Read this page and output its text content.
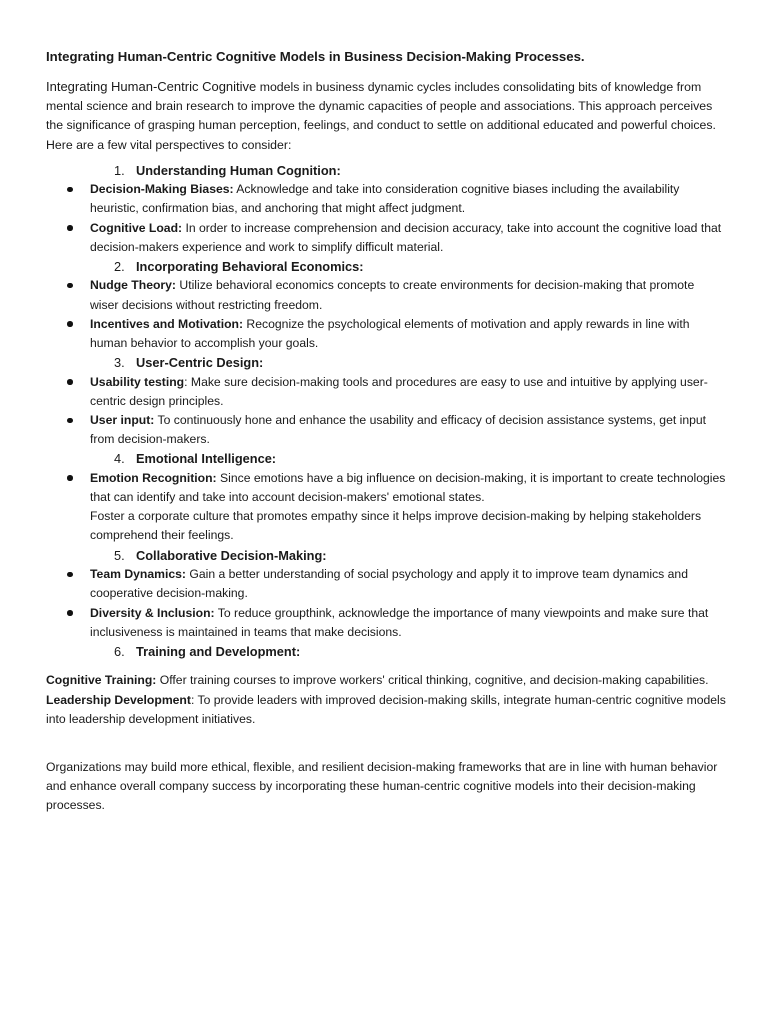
Integrating Human-Centric Cognitive Models in Business Decision-Making Processes.

Integrating Human-Centric Cognitive models in business dynamic cycles includes consolidating bits of knowledge from mental science and brain research to improve the dynamic capacities of people and associations. This approach perceives the significance of grasping human perception, feelings, and conduct to settle on additional educated and powerful choices. Here are a few vital perspectives to consider:

1. Understanding Human Cognition:
Decision-Making Biases: Acknowledge and take into consideration cognitive biases including the availability heuristic, confirmation bias, and anchoring that might affect judgment.
Cognitive Load: In order to increase comprehension and decision accuracy, take into account the cognitive load that decision-makers experience and work to simplify difficult material.
2. Incorporating Behavioral Economics:
Nudge Theory: Utilize behavioral economics concepts to create environments for decision-making that promote wiser decisions without restricting freedom.
Incentives and Motivation: Recognize the psychological elements of motivation and apply rewards in line with human behavior to accomplish your goals.
3. User-Centric Design:
Usability testing: Make sure decision-making tools and procedures are easy to use and intuitive by applying user-centric design principles.
User input: To continuously hone and enhance the usability and efficacy of decision assistance systems, get input from decision-makers.
4. Emotional Intelligence:
Emotion Recognition: Since emotions have a big influence on decision-making, it is important to create technologies that can identify and take into account decision-makers' emotional states.
Foster a corporate culture that promotes empathy since it helps improve decision-making by helping stakeholders comprehend their feelings.
5. Collaborative Decision-Making:
Team Dynamics: Gain a better understanding of social psychology and apply it to improve team dynamics and cooperative decision-making.
Diversity & Inclusion: To reduce groupthink, acknowledge the importance of many viewpoints and make sure that inclusiveness is maintained in teams that make decisions.
6. Training and Development:

Cognitive Training: Offer training courses to improve workers' critical thinking, cognitive, and decision-making capabilities.

Leadership Development: To provide leaders with improved decision-making skills, integrate human-centric cognitive models into leadership development initiatives.

Organizations may build more ethical, flexible, and resilient decision-making frameworks that are in line with human behavior and enhance overall company success by incorporating these human-centric cognitive models into their decision-making processes.
